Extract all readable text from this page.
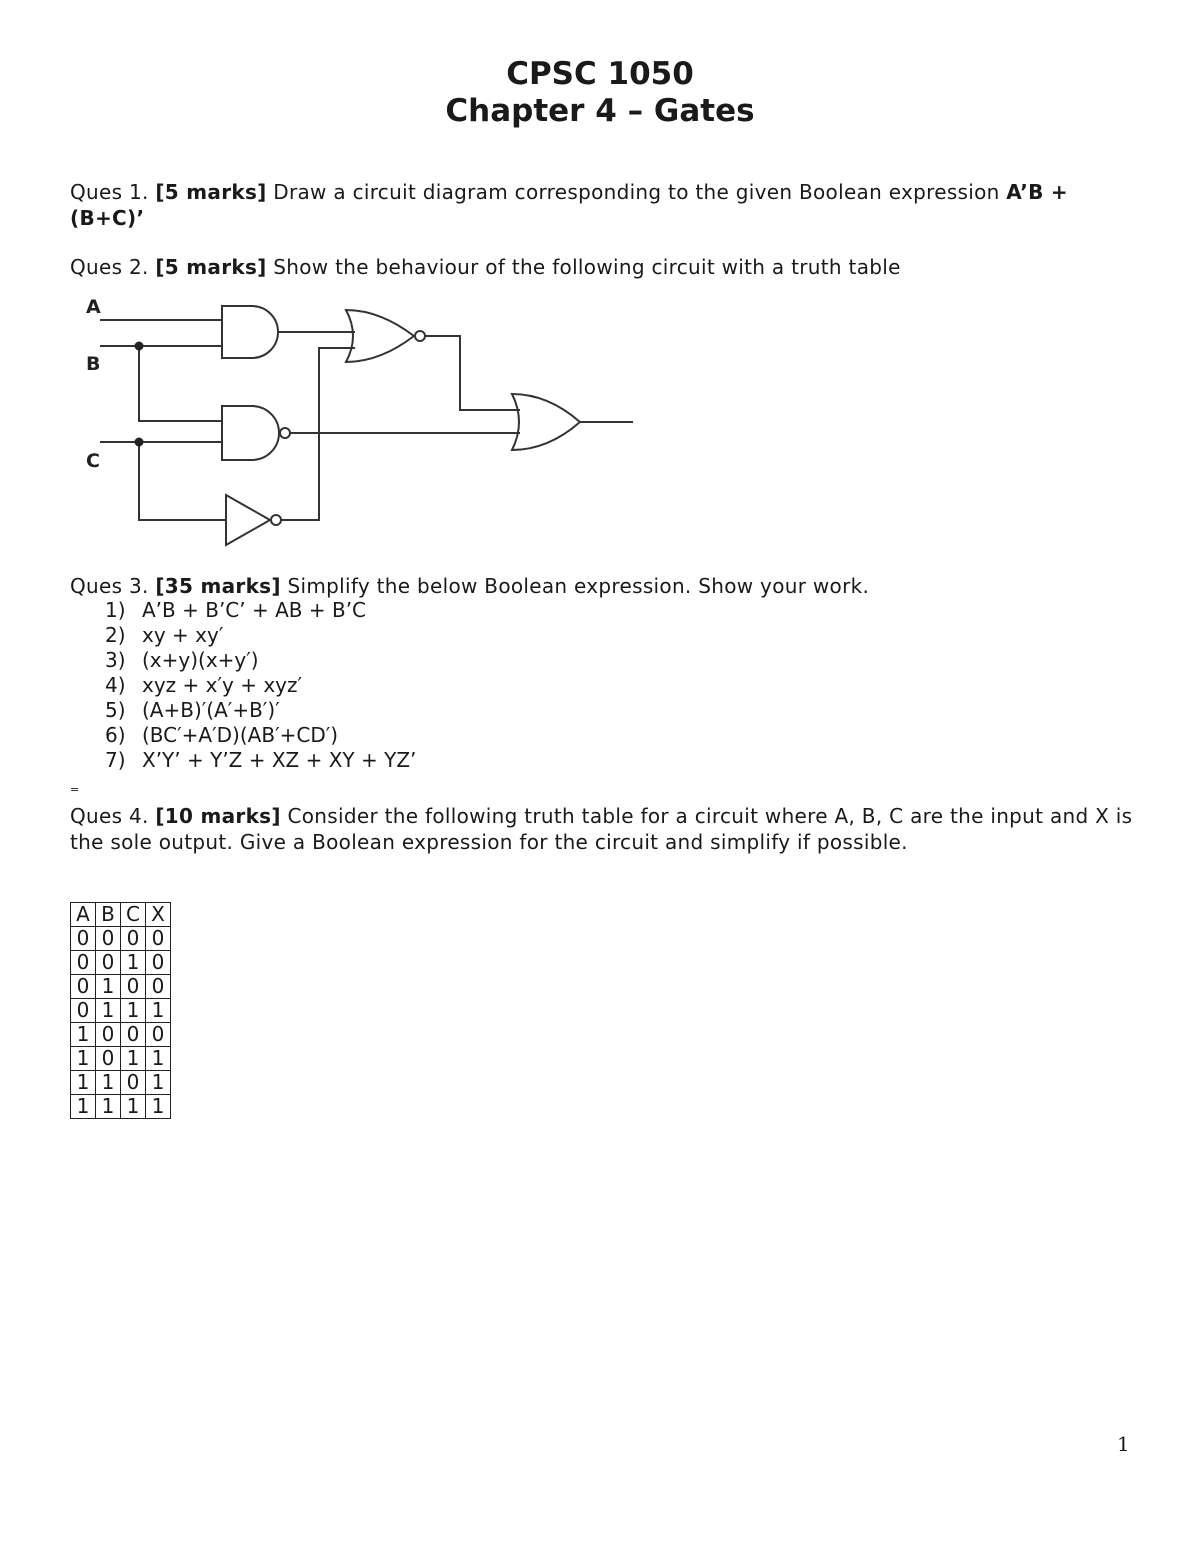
CPSC 1050
Chapter 4 – Gates
Ques 1. [5 marks] Draw a circuit diagram corresponding to the given Boolean expression A’B + (B+C)’
Ques 2. [5 marks] Show the behaviour of the following circuit with a truth table
A
B
C
Ques 3. [35 marks] Simplify the below Boolean expression. Show your work.
1) A’B + B’C’ + AB + B’C
2) xy + xy′
3) (x+y)(x+y′)
4) xyz + x′y + xyz′
5) (A+B)′(A′+B′)′
6) (BC′+A′D)(AB′+CD′)
7) X’Y’ + Y’Z + XZ + XY + YZ’
=
Ques 4. [10 marks] Consider the following truth table for a circuit where A, B, C are the input and X is the sole output. Give a Boolean expression for the circuit and simplify if possible.
A	B	C	X
0	0	0	0
0	0	1	0
0	1	0	0
0	1	1	1
1	0	0	0
1	0	1	1
1	1	0	1
1	1	1	1
1
